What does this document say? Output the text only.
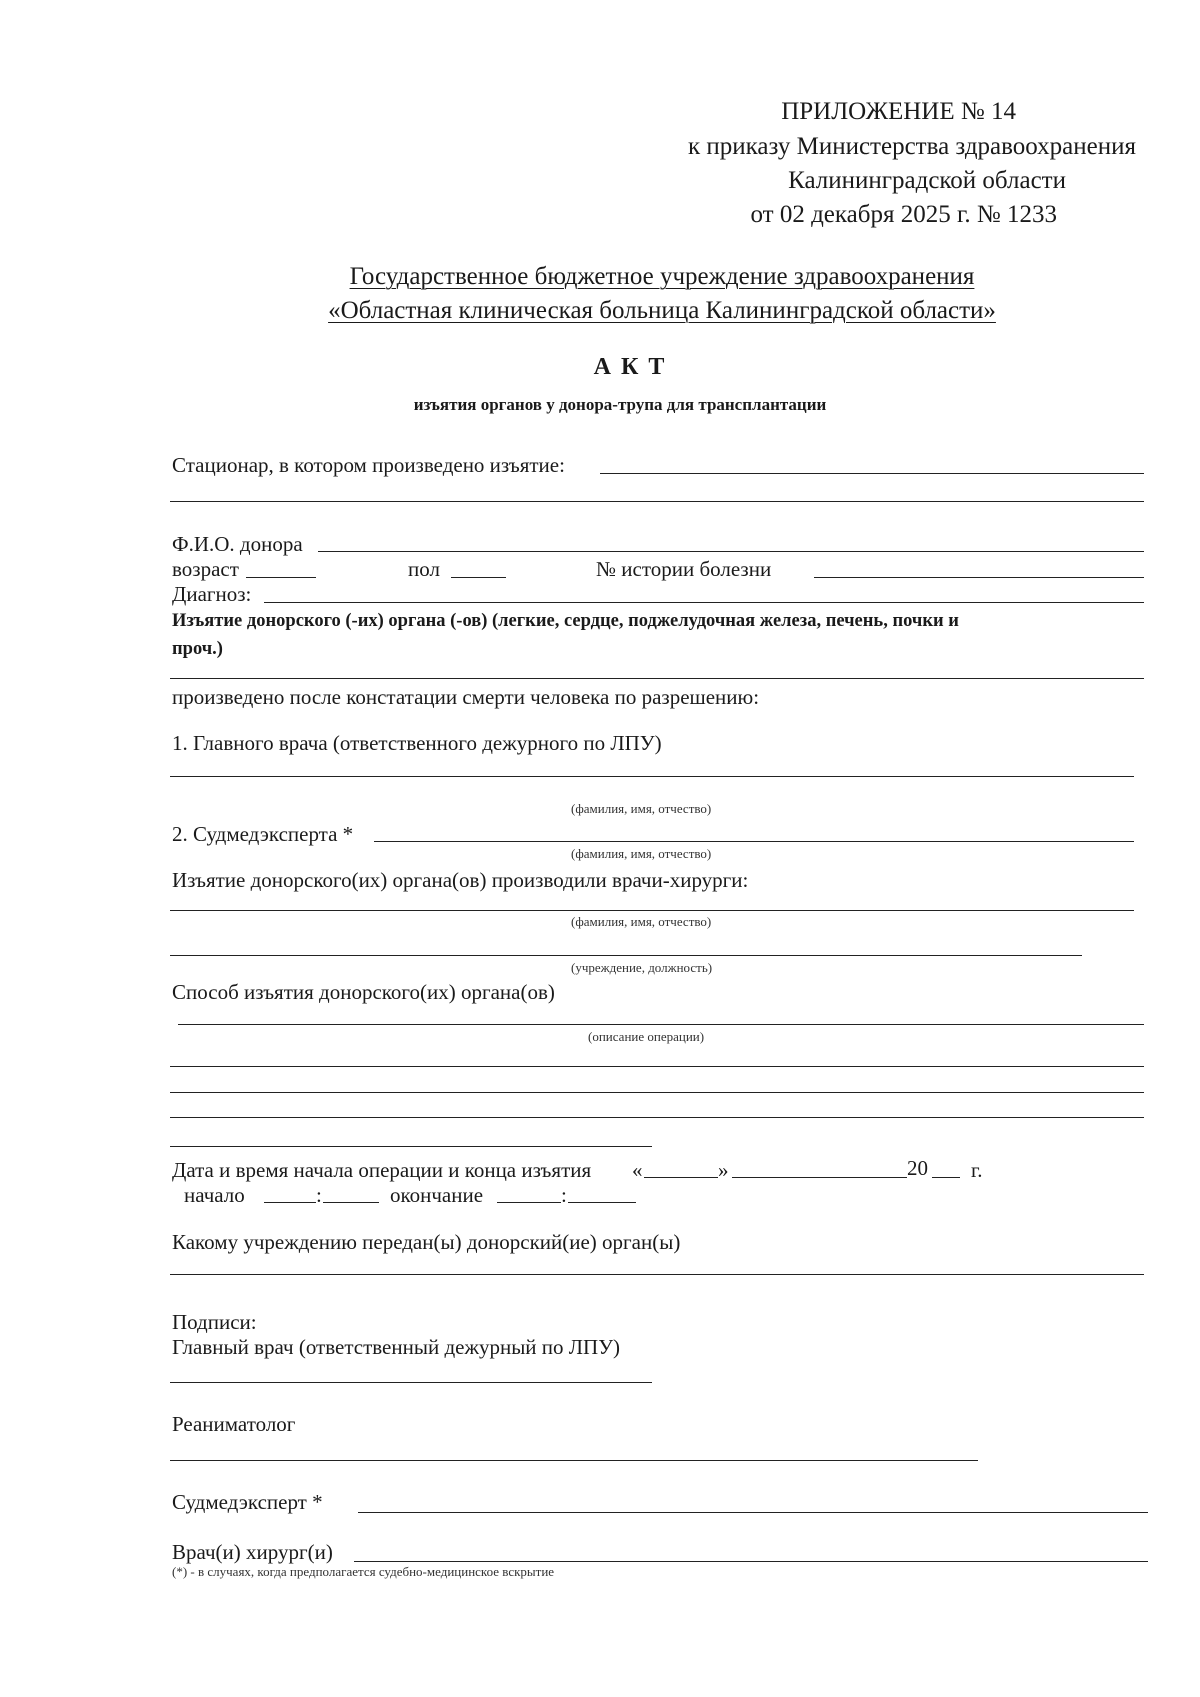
ПРИЛОЖЕНИЕ № 14
к приказу Министерства здравоохранения
Калининградской области
от 02 декабря 2025 г. № 1233
Государственное бюджетное учреждение здравоохранения
«Областная клиническая больница Калининградской области»
А К Т
изъятия органов у донора-трупа для трансплантации
Стационар, в котором произведено изъятие:
Ф.И.О. донора
возраст	пол	№ истории болезни
Диагноз:
Изъятие донорского (-их) органа (-ов) (легкие, сердце, поджелудочная железа, печень, почки и
проч.)
произведено после констатации смерти человека по разрешению:
1. Главного врача (ответственного дежурного по ЛПУ)
(фамилия, имя, отчество)
2. Судмедэксперта *
(фамилия, имя, отчество)
Изъятие донорского(их) органа(ов) производили врачи-хирурги:
(фамилия, имя, отчество)
(учреждение, должность)
Способ изъятия донорского(их) органа(ов)
(описание операции)
Дата и время начала операции и конца изъятия «	»	20 г.
начало	:	окончание	:
Какому учреждению передан(ы) донорский(ие) орган(ы)
Подписи:
Главный врач (ответственный дежурный по ЛПУ)
Реаниматолог
Судмедэксперт *
Врач(и) хирург(и)
(*) - в случаях, когда предполагается судебно-медицинское вскрытие
